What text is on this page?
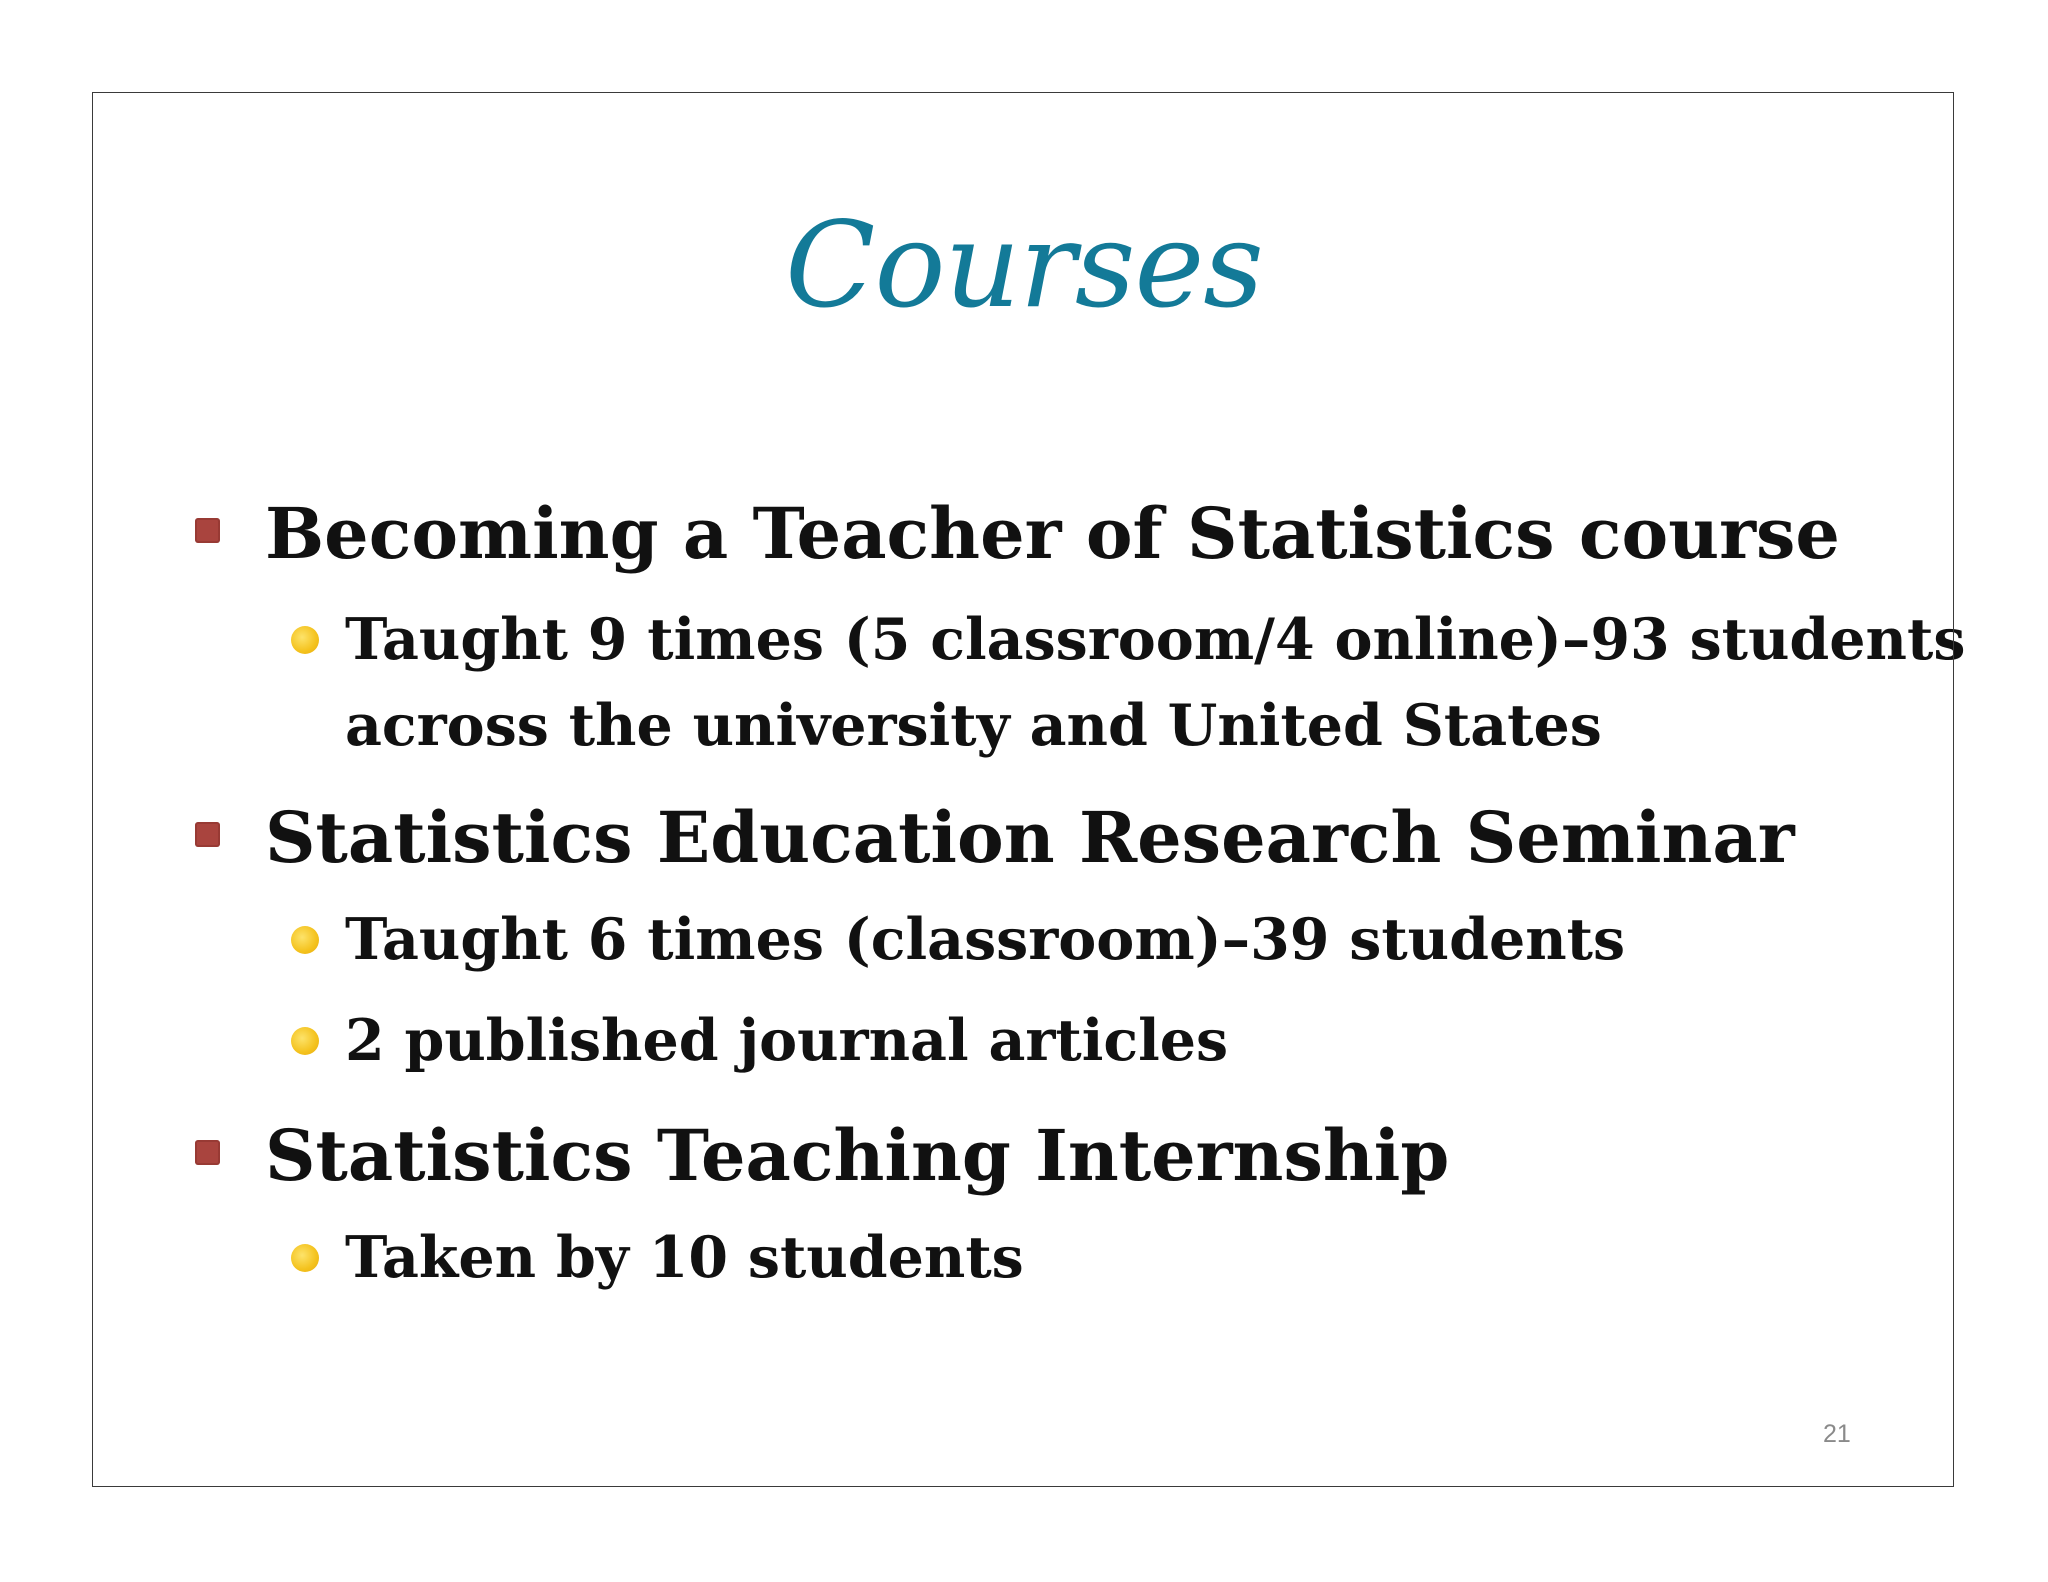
Courses
Becoming a Teacher of Statistics course
Taught 9 times (5 classroom/4 online)–93 students
across the university and United States
Statistics Education Research Seminar
Taught 6 times (classroom)–39 students
2 published journal articles
Statistics Teaching Internship
Taken by 10 students
21
